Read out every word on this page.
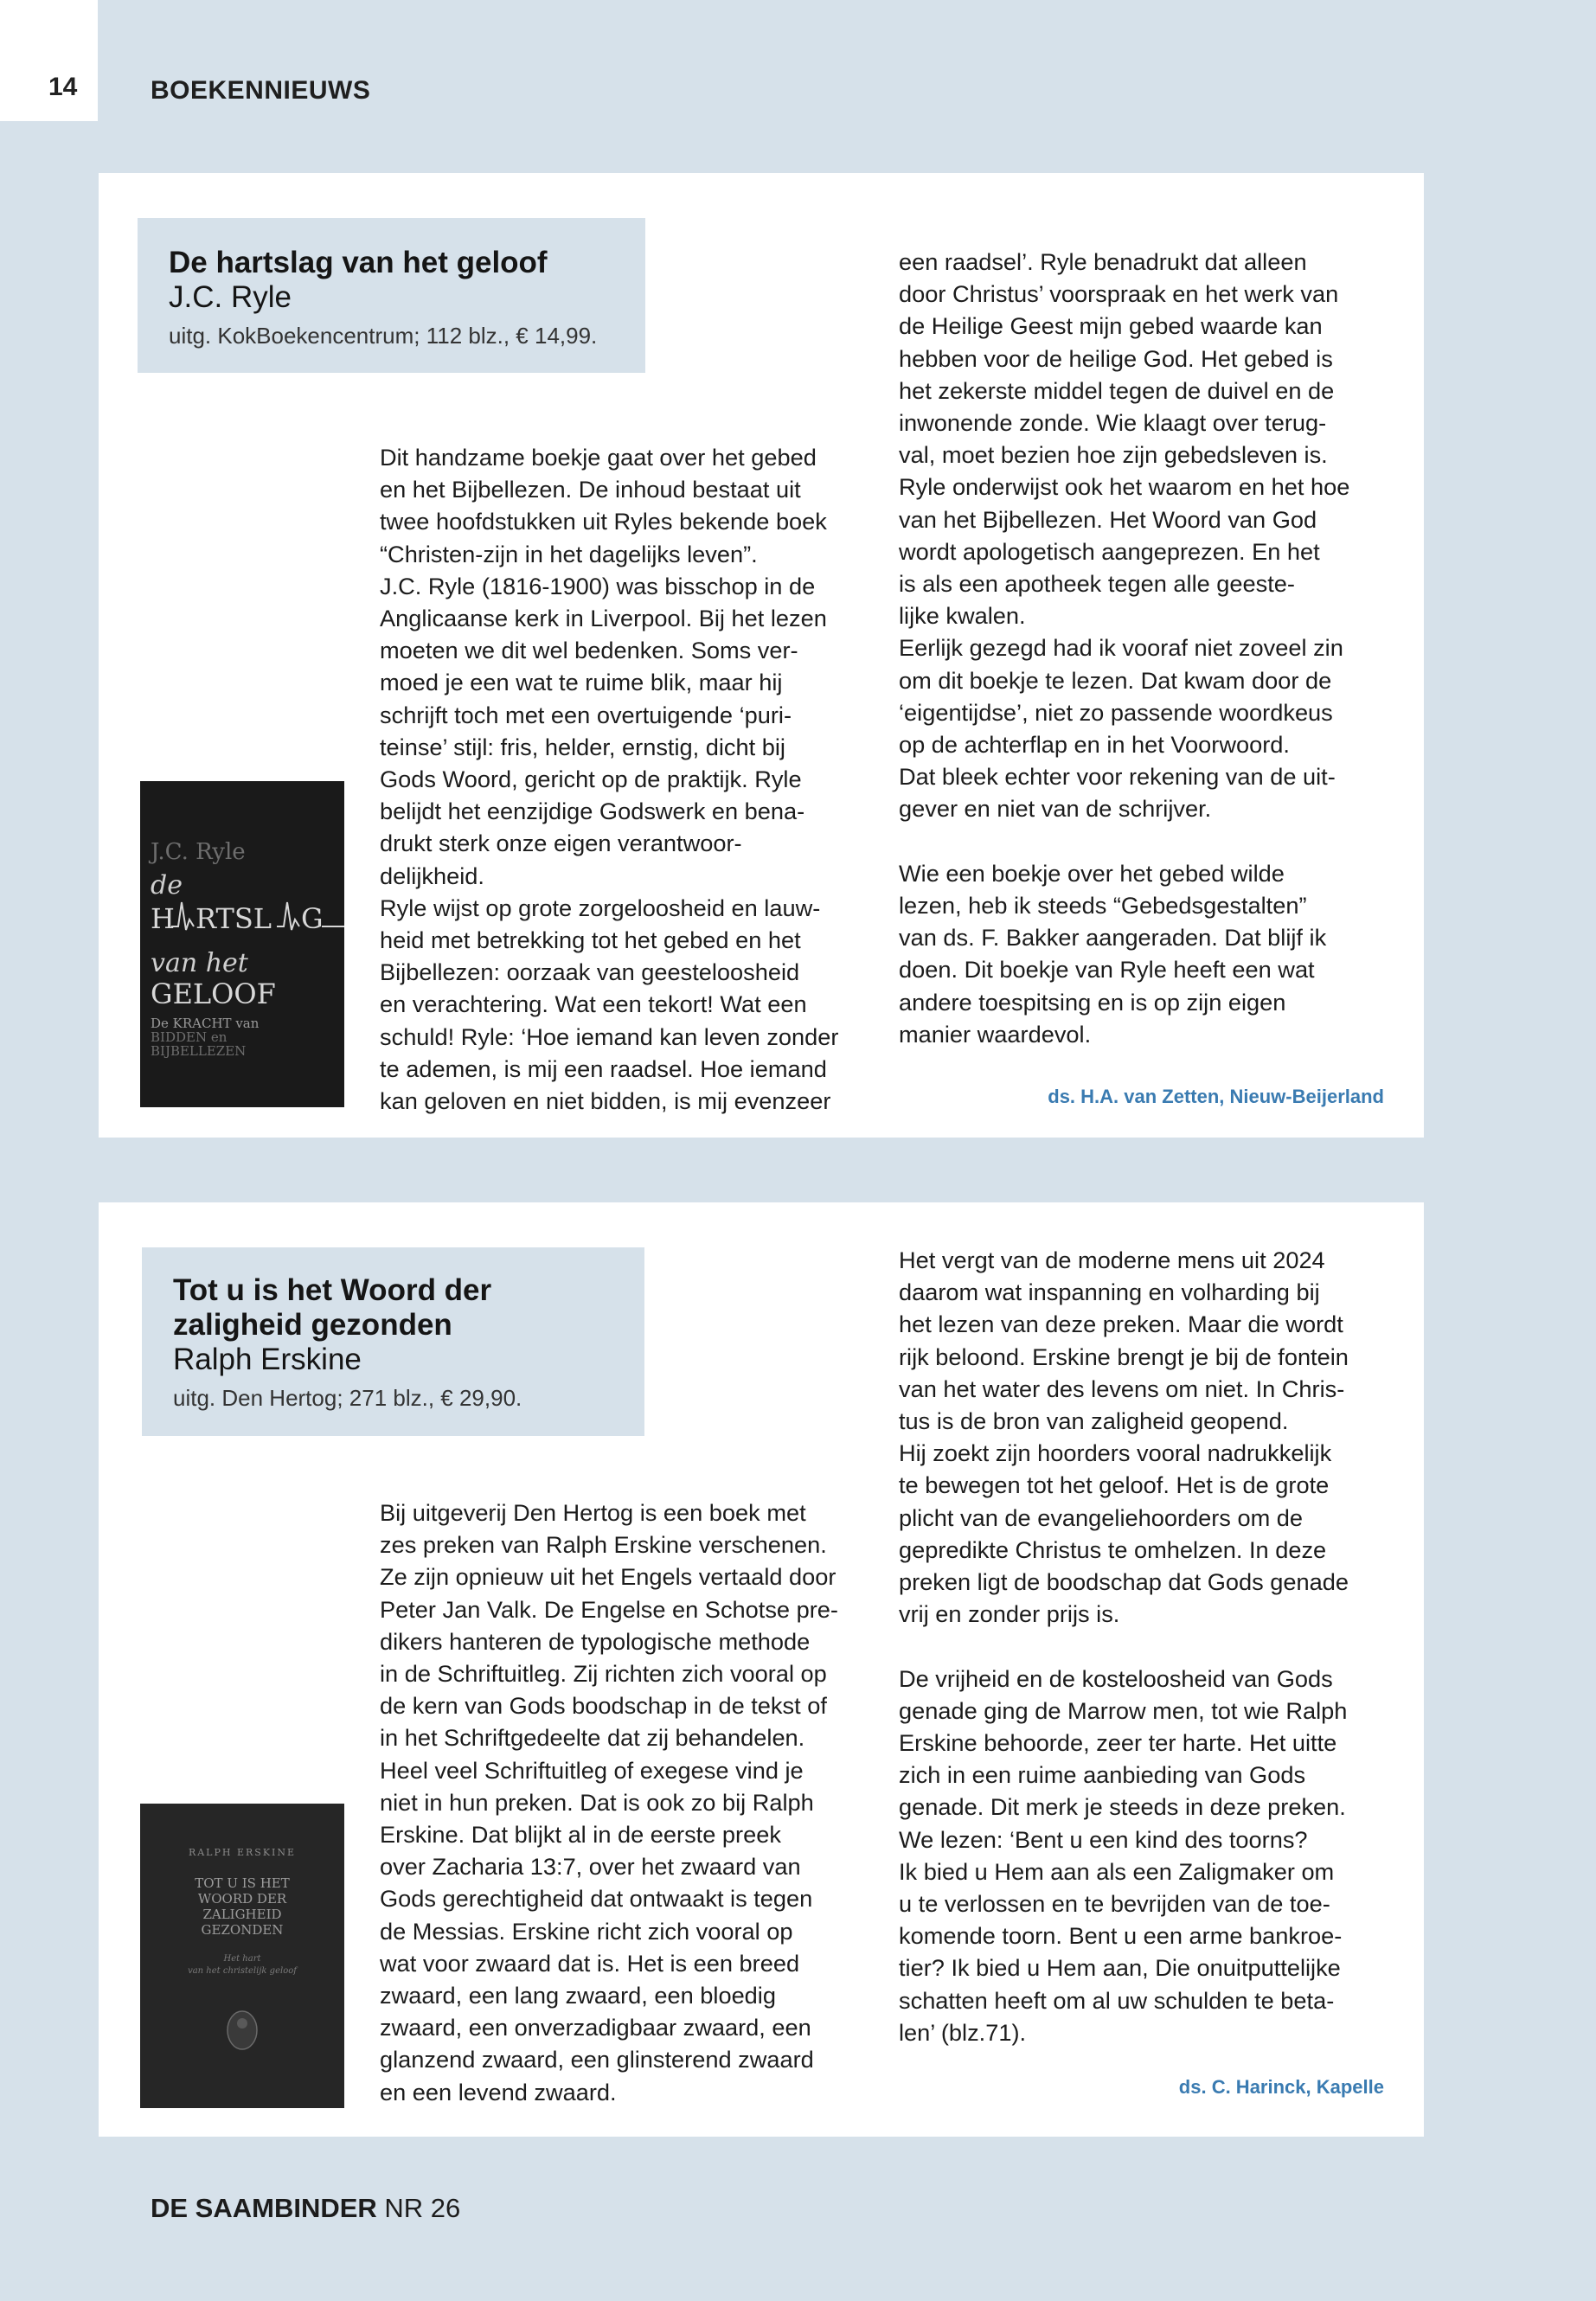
14	BOEKENNIEUWS
De hartslag van het geloof
J.C. Ryle
uitg. KokBoekencentrum; 112 blz., € 14,99.
J.C. Ryle
de
H RTSL G
van het
GELOOF
De KRACHT van
BIDDEN en
BIJBELLEZEN

Dit handzame boekje gaat over het gebed

en het Bijbellezen. De inhoud bestaat uit

twee hoofdstukken uit Ryles bekende boek

“Christen-zijn in het dagelijks leven”.

J.C. Ryle (1816-1900) was bisschop in de

Anglicaanse kerk in Liverpool. Bij het lezen

moeten we dit wel bedenken. Soms ver-

moed je een wat te ruime blik, maar hij

schrijft toch met een overtuigende ‘puri-

teinse’ stijl: fris, helder, ernstig, dicht bij

Gods Woord, gericht op de praktijk. Ryle

belijdt het eenzijdige Godswerk en bena-

drukt sterk onze eigen verantwoor-

delijkheid.

Ryle wijst op grote zorgeloosheid en lauw-

heid met betrekking tot het gebed en het

Bijbellezen: oorzaak van geesteloosheid

en verachtering. Wat een tekort! Wat een

schuld! Ryle: ‘Hoe iemand kan leven zonder

te ademen, is mij een raadsel. Hoe iemand

kan geloven en niet bidden, is mij evenzeer

een raadsel’. Ryle benadrukt dat alleen

door Christus’ voorspraak en het werk van

de Heilige Geest mijn gebed waarde kan

hebben voor de heilige God. Het gebed is

het zekerste middel tegen de duivel en de

inwonende zonde. Wie klaagt over terug-

val, moet bezien hoe zijn gebedsleven is.

Ryle onderwijst ook het waarom en het hoe

van het Bijbellezen. Het Woord van God

wordt apologetisch aangeprezen. En het

is als een apotheek tegen alle geeste-

lijke kwalen.

Eerlijk gezegd had ik vooraf niet zoveel zin

om dit boekje te lezen. Dat kwam door de

‘eigentijdse’, niet zo passende woordkeus

op de achterflap en in het Voorwoord.

Dat bleek echter voor rekening van de uit-

gever en niet van de schrijver.

Wie een boekje over het gebed wilde

lezen, heb ik steeds “Gebedsgestalten”

van ds. F. Bakker aangeraden. Dat blijf ik

doen. Dit boekje van Ryle heeft een wat

andere toespitsing en is op zijn eigen

manier waardevol.

ds. H.A. van Zetten, Nieuw-Beijerland
Tot u is het Woord der
zaligheid gezonden
Ralph Erskine
uitg. Den Hertog; 271 blz., € 29,90.
RALPH ERSKINE
TOT U IS HET
WOORD DER
ZALIGHEID
GEZONDEN
Het hart
van het christelijk geloof

Bij uitgeverij Den Hertog is een boek met

zes preken van Ralph Erskine verschenen.

Ze zijn opnieuw uit het Engels vertaald door

Peter Jan Valk. De Engelse en Schotse pre-

dikers hanteren de typologische methode

in de Schriftuitleg. Zij richten zich vooral op

de kern van Gods boodschap in de tekst of

in het Schriftgedeelte dat zij behandelen.

Heel veel Schriftuitleg of exegese vind je

niet in hun preken. Dat is ook zo bij Ralph

Erskine. Dat blijkt al in de eerste preek

over Zacharia 13:7, over het zwaard van

Gods gerechtigheid dat ontwaakt is tegen

de Messias. Erskine richt zich vooral op

wat voor zwaard dat is. Het is een breed

zwaard, een lang zwaard, een bloedig

zwaard, een onverzadigbaar zwaard, een

glanzend zwaard, een glinsterend zwaard

en een levend zwaard.

Het vergt van de moderne mens uit 2024

daarom wat inspanning en volharding bij

het lezen van deze preken. Maar die wordt

rijk beloond. Erskine brengt je bij de fontein

van het water des levens om niet. In Chris-

tus is de bron van zaligheid geopend.

Hij zoekt zijn hoorders vooral nadrukkelijk

te bewegen tot het geloof. Het is de grote

plicht van de evangeliehoorders om de

gepredikte Christus te omhelzen. In deze

preken ligt de boodschap dat Gods genade

vrij en zonder prijs is.

De vrijheid en de kosteloosheid van Gods

genade ging de Marrow men, tot wie Ralph

Erskine behoorde, zeer ter harte. Het uitte

zich in een ruime aanbieding van Gods

genade. Dit merk je steeds in deze preken.

We lezen: ‘Bent u een kind des toorns?

Ik bied u Hem aan als een Zaligmaker om

u te verlossen en te bevrijden van de toe-

komende toorn. Bent u een arme bankroe-

tier? Ik bied u Hem aan, Die onuitputtelijke

schatten heeft om al uw schulden te beta-

len’ (blz.71).

ds. C. Harinck, Kapelle
DE SAAMBINDER NR 26
